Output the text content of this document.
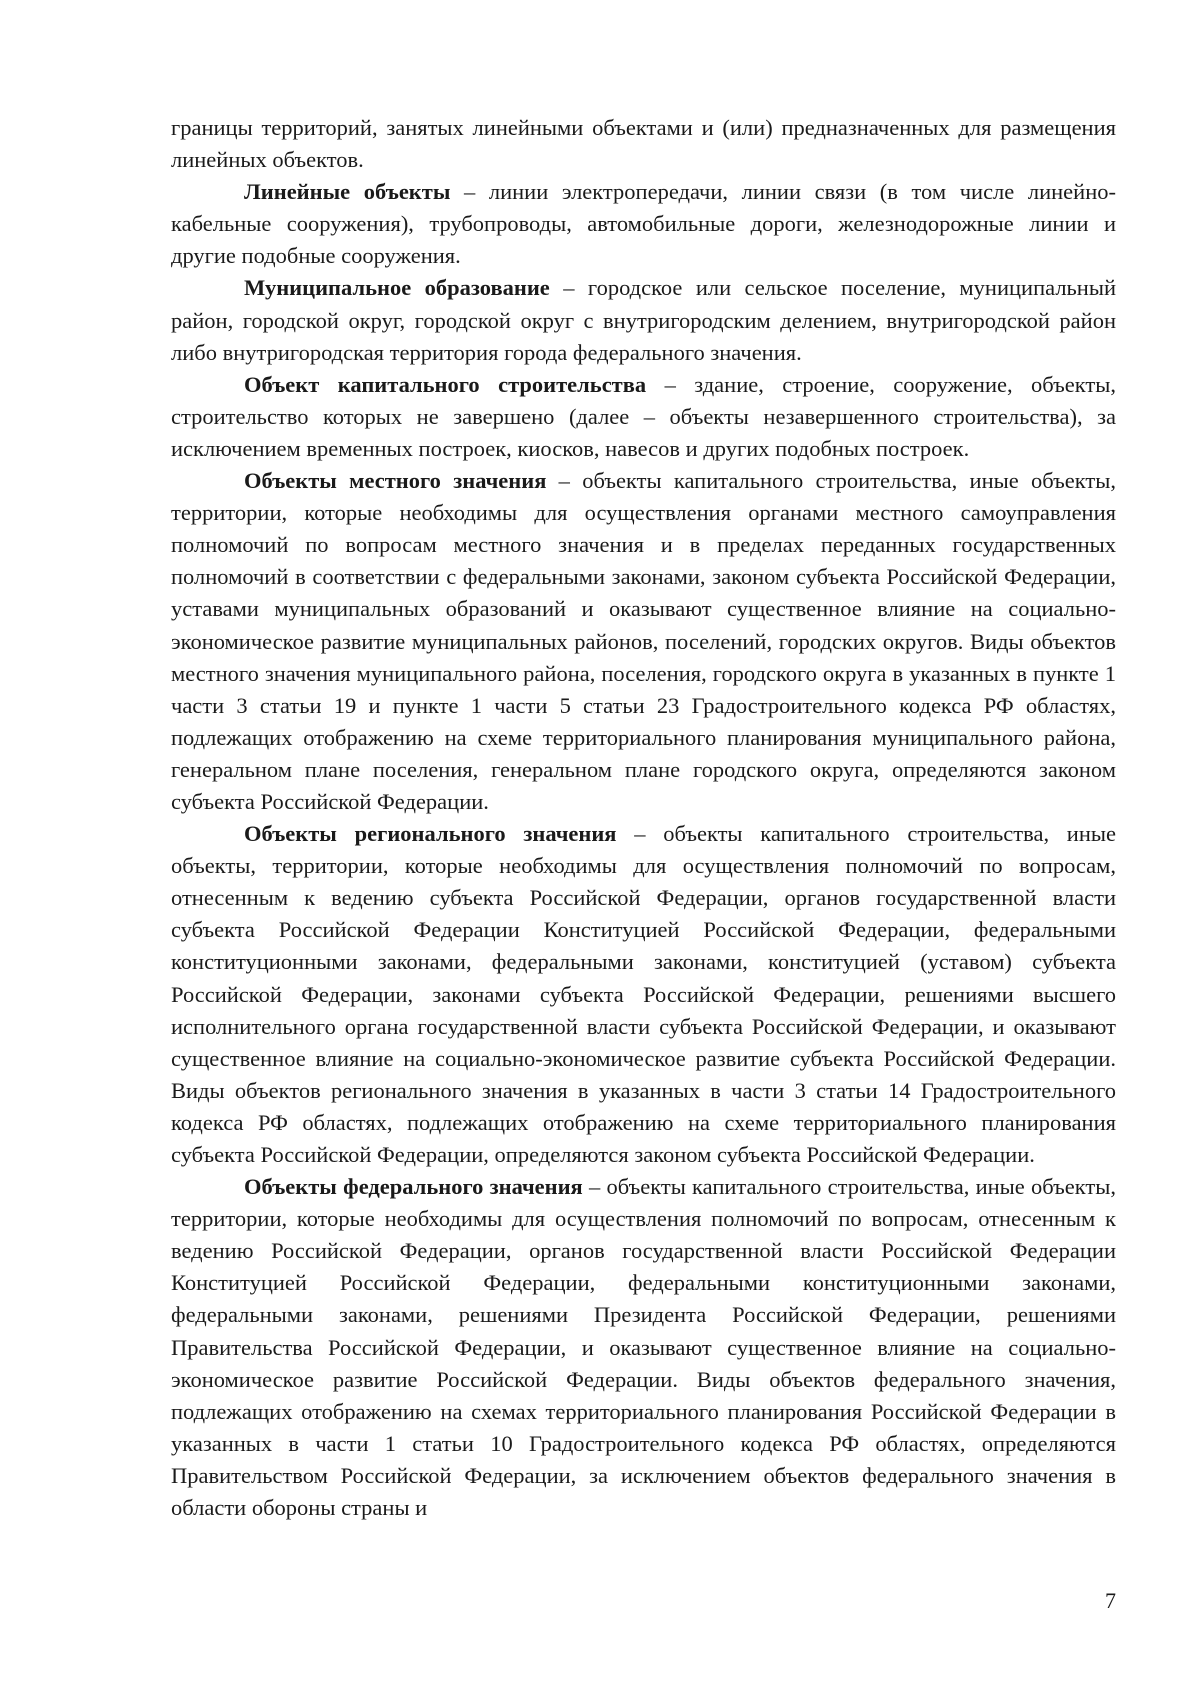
границы территорий, занятых линейными объектами и (или) предназначенных для размещения линейных объектов.

Линейные объекты – линии электропередачи, линии связи (в том числе линейно-кабельные сооружения), трубопроводы, автомобильные дороги, железнодорожные линии и другие подобные сооружения.

Муниципальное образование – городское или сельское поселение, муниципальный район, городской округ, городской округ с внутригородским делением, внутригородской район либо внутригородская территория города федерального значения.

Объект капитального строительства – здание, строение, сооружение, объекты, строительство которых не завершено (далее – объекты незавершенного строительства), за исключением временных построек, киосков, навесов и других подобных построек.

Объекты местного значения – объекты капитального строительства, иные объекты, территории, которые необходимы для осуществления органами местного самоуправления полномочий по вопросам местного значения и в пределах переданных государственных полномочий в соответствии с федеральными законами, законом субъекта Российской Федерации, уставами муниципальных образований и оказывают существенное влияние на социально-экономическое развитие муниципальных районов, поселений, городских округов. Виды объектов местного значения муниципального района, поселения, городского округа в указанных в пункте 1 части 3 статьи 19 и пункте 1 части 5 статьи 23 Градостроительного кодекса РФ областях, подлежащих отображению на схеме территориального планирования муниципального района, генеральном плане поселения, генеральном плане городского округа, определяются законом субъекта Российской Федерации.

Объекты регионального значения – объекты капитального строительства, иные объекты, территории, которые необходимы для осуществления полномочий по вопросам, отнесенным к ведению субъекта Российской Федерации, органов государственной власти субъекта Российской Федерации Конституцией Российской Федерации, федеральными конституционными законами, федеральными законами, конституцией (уставом) субъекта Российской Федерации, законами субъекта Российской Федерации, решениями высшего исполнительного органа государственной власти субъекта Российской Федерации, и оказывают существенное влияние на социально-экономическое развитие субъекта Российской Федерации. Виды объектов регионального значения в указанных в части 3 статьи 14 Градостроительного кодекса РФ областях, подлежащих отображению на схеме территориального планирования субъекта Российской Федерации, определяются законом субъекта Российской Федерации.

Объекты федерального значения – объекты капитального строительства, иные объекты, территории, которые необходимы для осуществления полномочий по вопросам, отнесенным к ведению Российской Федерации, органов государственной власти Российской Федерации Конституцией Российской Федерации, федеральными конституционными законами, федеральными законами, решениями Президента Российской Федерации, решениями Правительства Российской Федерации, и оказывают существенное влияние на социально-экономическое развитие Российской Федерации. Виды объектов федерального значения, подлежащих отображению на схемах территориального планирования Российской Федерации в указанных в части 1 статьи 10 Градостроительного кодекса РФ областях, определяются Правительством Российской Федерации, за исключением объектов федерального значения в области обороны страны и

7
